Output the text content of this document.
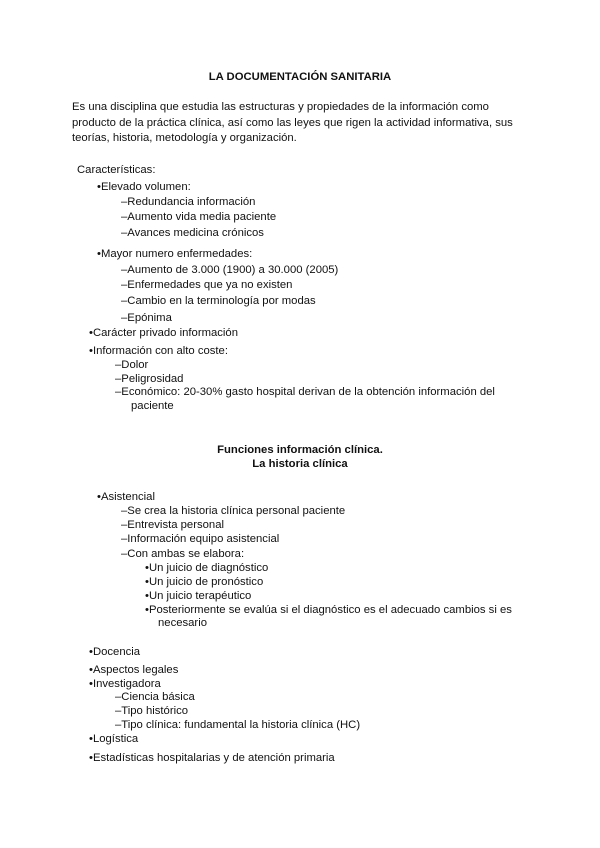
LA DOCUMENTACIÓN SANITARIA
Es una disciplina que estudia las estructuras y propiedades de la información como producto de la práctica clínica, así como las leyes que rigen la actividad informativa, sus teorías, historia, metodología y organización.
Características:
•Elevado volumen:
–Redundancia información
–Aumento vida media paciente
–Avances medicina crónicos
•Mayor numero enfermedades:
–Aumento de 3.000 (1900) a 30.000 (2005)
–Enfermedades que ya no existen
–Cambio en la terminología por modas
–Epónima
•Carácter privado información
•Información con alto coste:
–Dolor
–Peligrosidad
–Económico: 20-30% gasto hospital derivan de la obtención información del
paciente
Funciones información clínica.
La historia clínica
•Asistencial
–Se crea la historia clínica personal paciente
–Entrevista personal
–Información equipo asistencial
–Con ambas se elabora:
•Un juicio de diagnóstico
•Un juicio de pronóstico
•Un juicio terapéutico
•Posteriormente se evalúa si el diagnóstico es el adecuado cambios si es
necesario
•Docencia
•Aspectos legales
•Investigadora
–Ciencia básica
–Tipo histórico
–Tipo clínica: fundamental la historia clínica (HC)
•Logística
•Estadísticas hospitalarias y de atención primaria
